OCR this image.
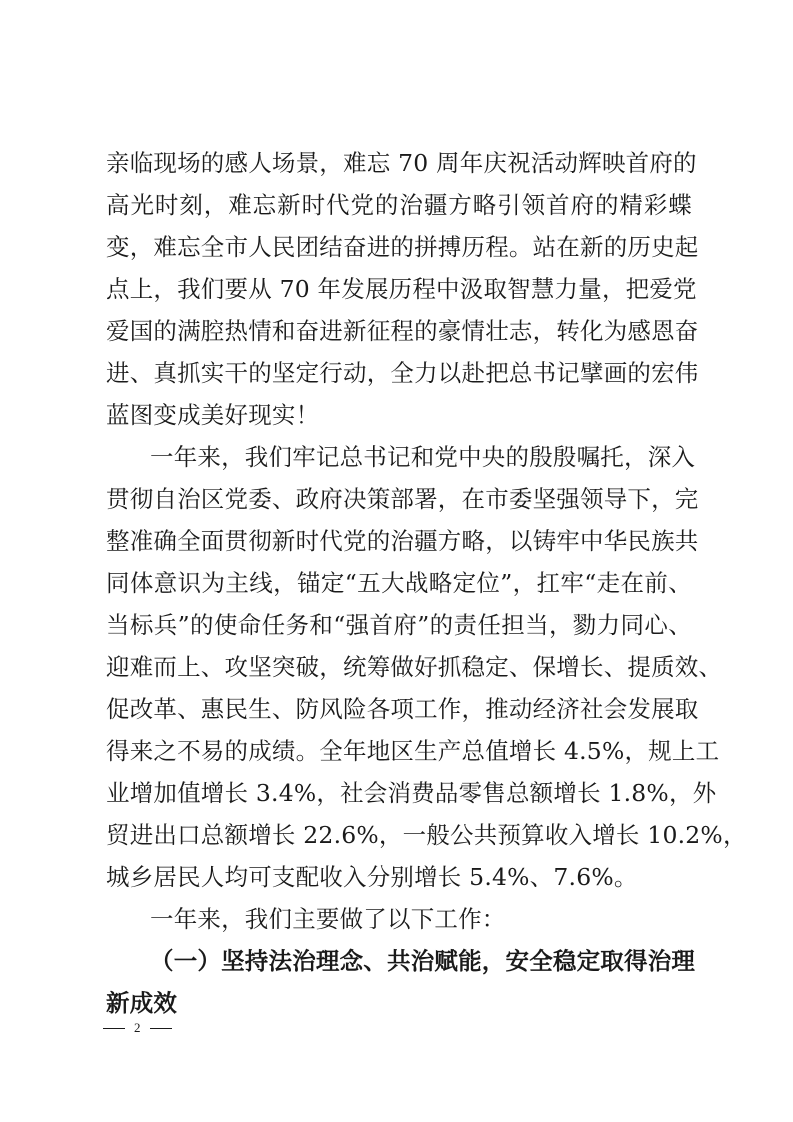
亲临现场的感人场景，难忘 70 周年庆祝活动辉映首府的
高光时刻，难忘新时代党的治疆方略引领首府的精彩蝶
变，难忘全市人民团结奋进的拼搏历程。站在新的历史起
点上，我们要从 70 年发展历程中汲取智慧力量，把爱党
爱国的满腔热情和奋进新征程的豪情壮志，转化为感恩奋
进、真抓实干的坚定行动，全力以赴把总书记擘画的宏伟
蓝图变成美好现实！
一年来，我们牢记总书记和党中央的殷殷嘱托，深入
贯彻自治区党委、政府决策部署，在市委坚强领导下，完
整准确全面贯彻新时代党的治疆方略，以铸牢中华民族共
同体意识为主线，锚定“五大战略定位”，扛牢“走在前、
当标兵”的使命任务和“强首府”的责任担当，勠力同心、
迎难而上、攻坚突破，统筹做好抓稳定、保增长、提质效、
促改革、惠民生、防风险各项工作，推动经济社会发展取
得来之不易的成绩。全年地区生产总值增长 4.5%，规上工
业增加值增长 3.4%，社会消费品零售总额增长 1.8%，外
贸进出口总额增长 22.6%，一般公共预算收入增长 10.2%，
城乡居民人均可支配收入分别增长 5.4%、7.6%。
一年来，我们主要做了以下工作：
（一）坚持法治理念、共治赋能，安全稳定取得治理
新成效
2
